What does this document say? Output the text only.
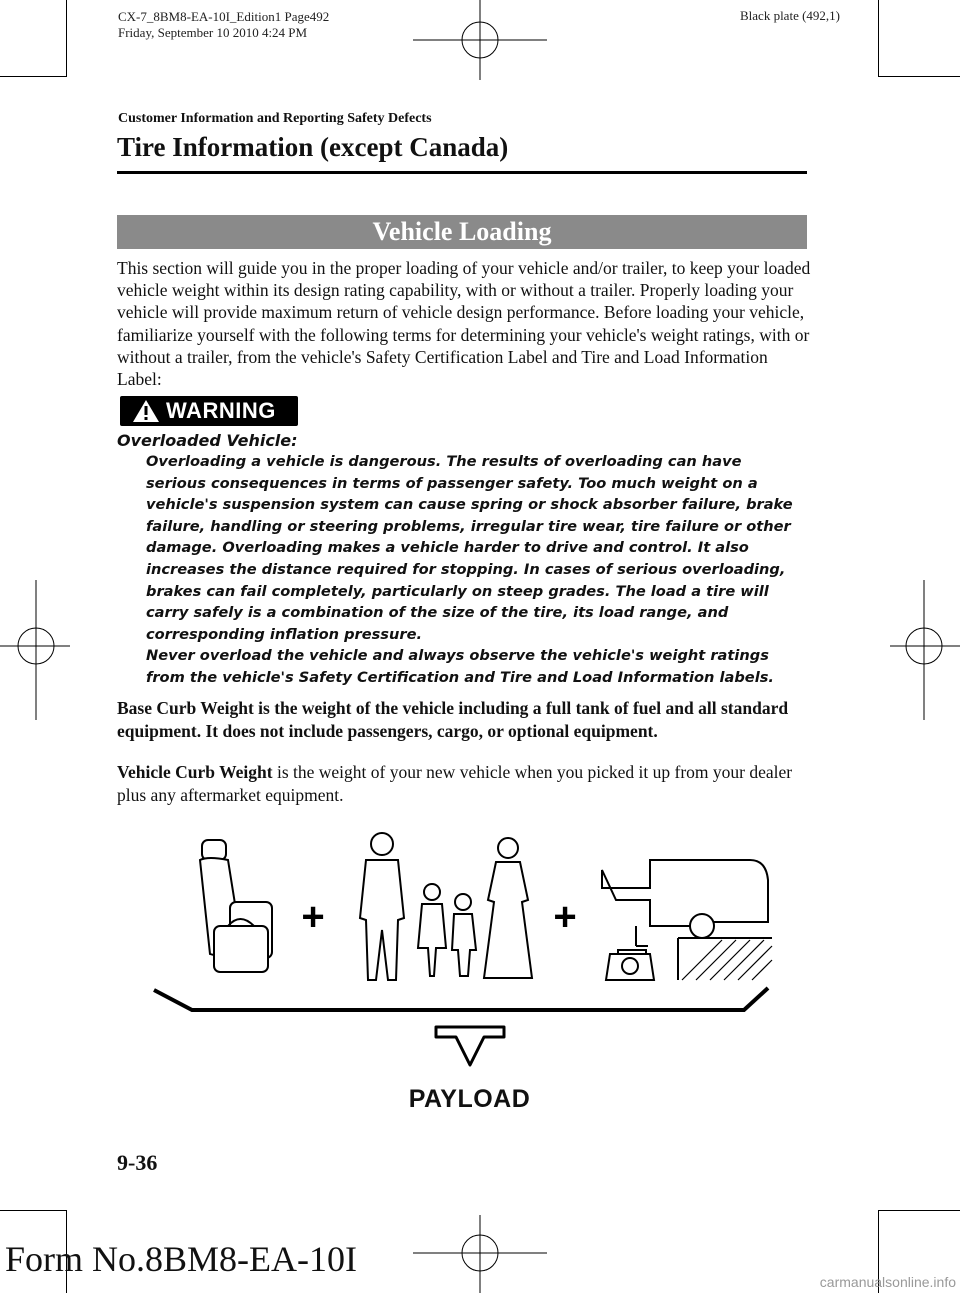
CX-7_8BM8-EA-10I_Edition1 Page492
Friday, September 10 2010 4:24 PM
Black plate (492,1)
Customer Information and Reporting Safety Defects
Tire Information (except Canada)
Vehicle Loading

This section will guide you in the proper loading of your vehicle and/or trailer, to keep your loaded vehicle weight within its design rating capability, with or without a trailer. Properly loading your vehicle will provide maximum return of vehicle design performance. Before loading your vehicle, familiarize yourself with the following terms for determining your vehicle's weight ratings, with or without a trailer, from the vehicle's Safety Certification Label and Tire and Load Information Label:

WARNING
Overloaded Vehicle:

Overloading a vehicle is dangerous. The results of overloading can have serious consequences in terms of passenger safety. Too much weight on a vehicle's suspension system can cause spring or shock absorber failure, brake failure, handling or steering problems, irregular tire wear, tire failure or other damage. Overloading makes a vehicle harder to drive and control. It also increases the distance required for stopping. In cases of serious overloading, brakes can fail completely, particularly on steep grades. The load a tire will carry safely is a combination of the size of the tire, its load range, and corresponding inflation pressure.

Never overload the vehicle and always observe the vehicle's weight ratings from the vehicle's Safety Certification and Tire and Load Information labels.

Base Curb Weight is the weight of the vehicle including a full tank of fuel and all standard equipment. It does not include passengers, cargo, or optional equipment.

Vehicle Curb Weight is the weight of your new vehicle when you picked it up from your dealer plus any aftermarket equipment.

+	+
PAYLOAD
9-36
Form No.8BM8-EA-10I
carmanualsonline.info
